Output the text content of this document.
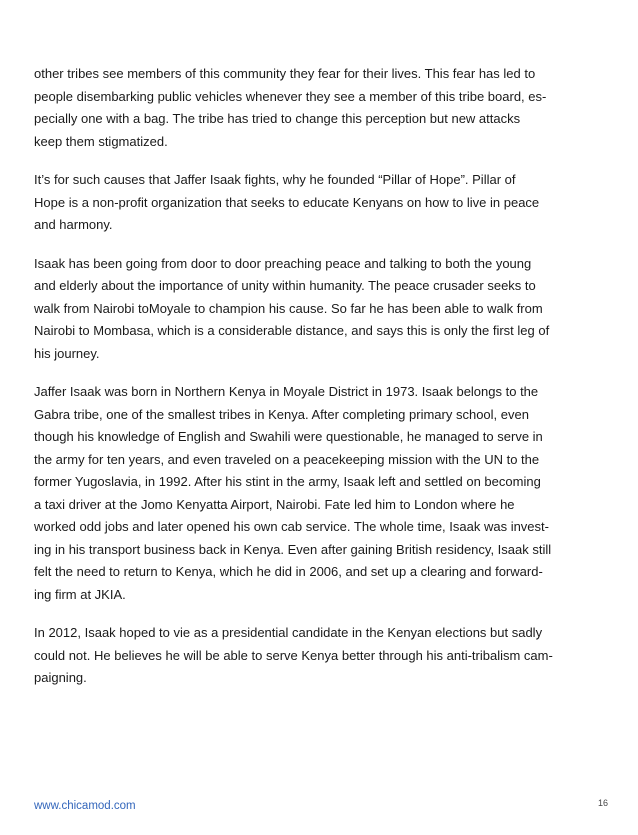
other tribes see members of this community they fear for their lives. This fear has led to
people disembarking public vehicles whenever they see a member of this tribe board, es-
pecially one with a bag. The tribe has tried to change this perception but new attacks
keep them stigmatized.

It’s for such causes that Jaffer Isaak fights, why he founded “Pillar of Hope”. Pillar of
Hope is a non-profit organization that seeks to educate Kenyans on how to live in peace
and harmony.

Isaak has been going from door to door preaching peace and talking to both the young
and elderly about the importance of unity within humanity. The peace crusader seeks to
walk from Nairobi toMoyale to champion his cause. So far he has been able to walk from
Nairobi to Mombasa, which is a considerable distance, and says this is only the first leg of
his journey.

Jaffer Isaak was born in Northern Kenya in Moyale District in 1973. Isaak belongs to the
Gabra tribe, one of the smallest tribes in Kenya. After completing primary school, even
though his knowledge of English and Swahili were questionable, he managed to serve in
the army for ten years, and even traveled on a peacekeeping mission with the UN to the
former Yugoslavia, in 1992. After his stint in the army, Isaak left and settled on becoming
a taxi driver at the Jomo Kenyatta Airport, Nairobi. Fate led him to London where he
worked odd jobs and later opened his own cab service. The whole time, Isaak was invest-
ing in his transport business back in Kenya. Even after gaining British residency, Isaak still
felt the need to return to Kenya, which he did in 2006, and set up a clearing and forward-
ing firm at JKIA.

In 2012, Isaak hoped to vie as a presidential candidate in the Kenyan elections but sadly
could not. He believes he will be able to serve Kenya better through his anti-tribalism cam-
paigning.

www.chicamod.com	16
